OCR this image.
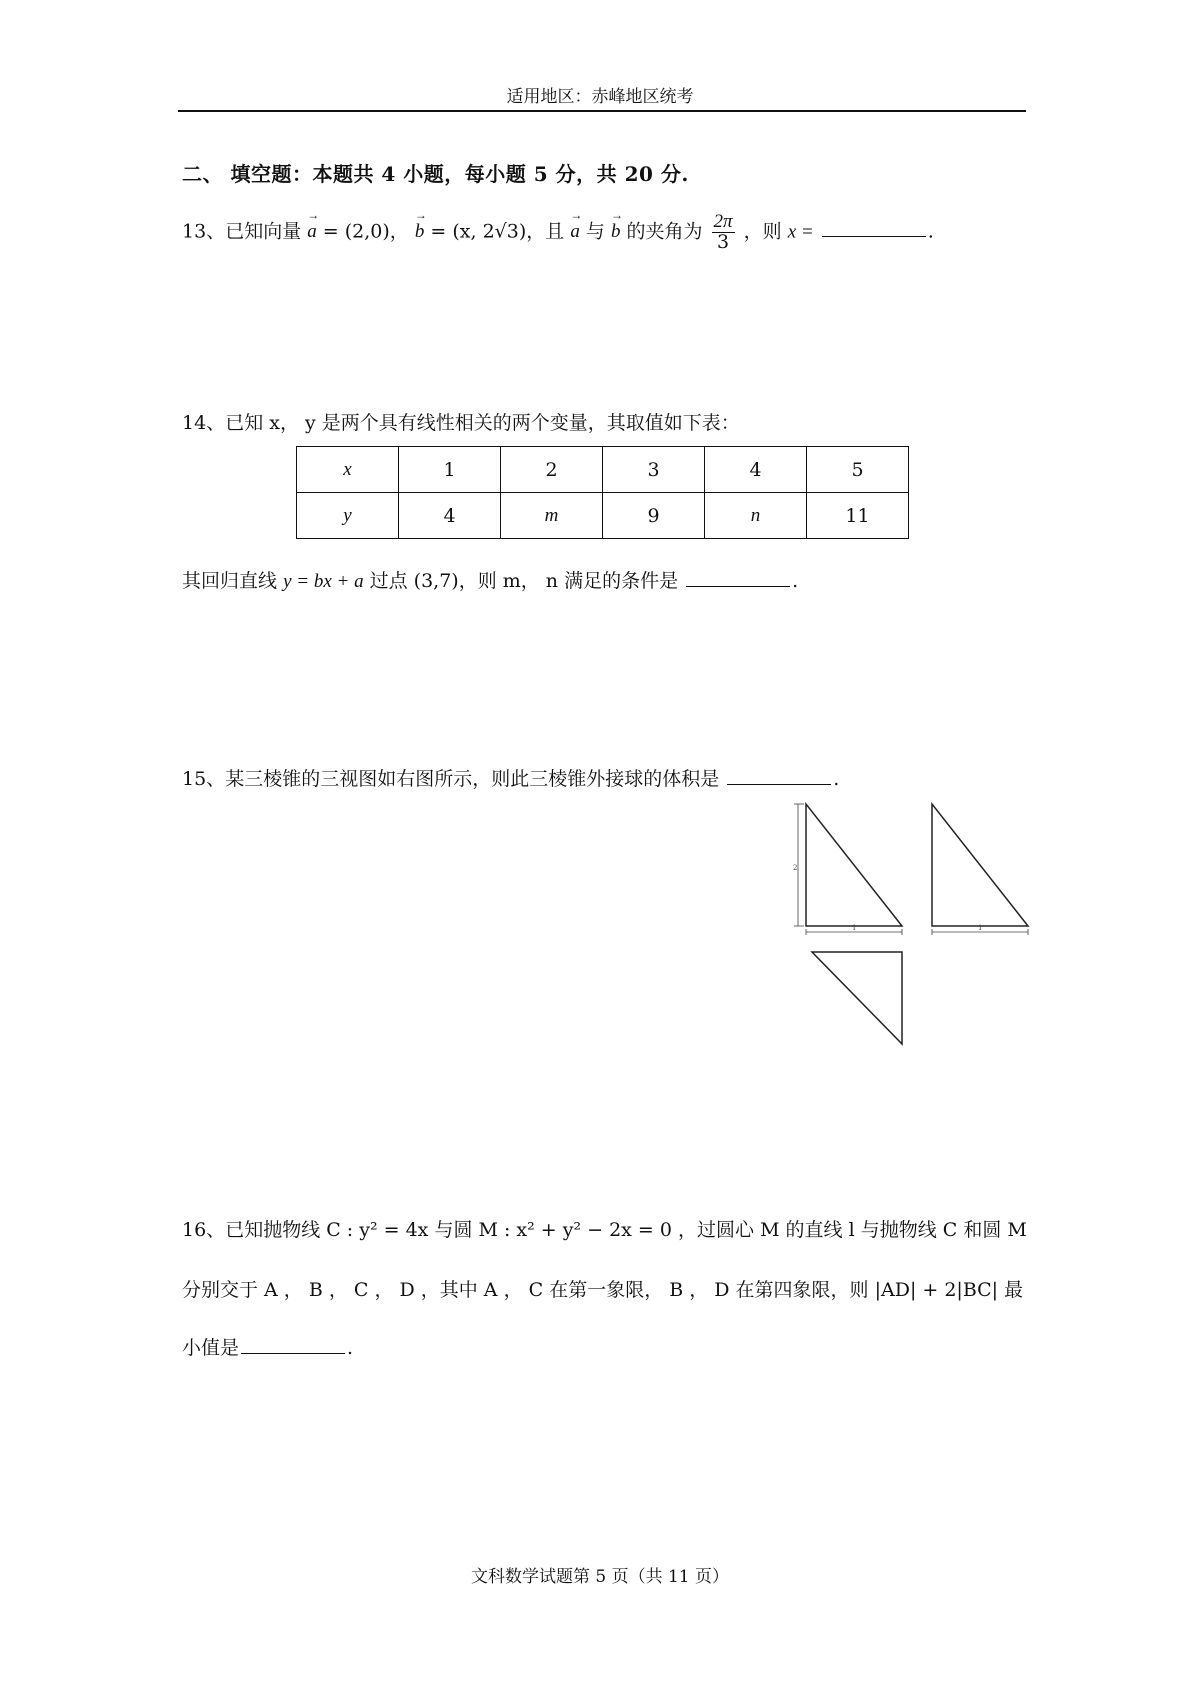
适用地区：赤峰地区统考
二、 填空题：本题共 4 小题，每小题 5 分，共 20 分.
13、已知向量 → a = (2,0)， → b = (x, 2√3)，且 → a 与 → b 的夹角为 $\frac{2\pi}{3}$ ，则 x =	.
14、已知 x， y 是两个具有线性相关的两个变量，其取值如下表：
x	1	2	3	4	5
y	4	m	9	n	11
其回归直线 y = bx + a 过点 (3,7)，则 m， n 满足的条件是	.
15、某三棱锥的三视图如右图所示，则此三棱锥外接球的体积是	.
2
1	1
16、已知抛物线 C : y² = 4x 与圆 M : x² + y² − 2x = 0 ，过圆心 M 的直线 l 与抛物线 C 和圆 M
分别交于 A ， B ， C ， D ，其中 A ， C 在第一象限， B ， D 在第四象限，则 |AD| + 2|BC| 最
小值是	.
文科数学试题第 5 页（共 11 页）
